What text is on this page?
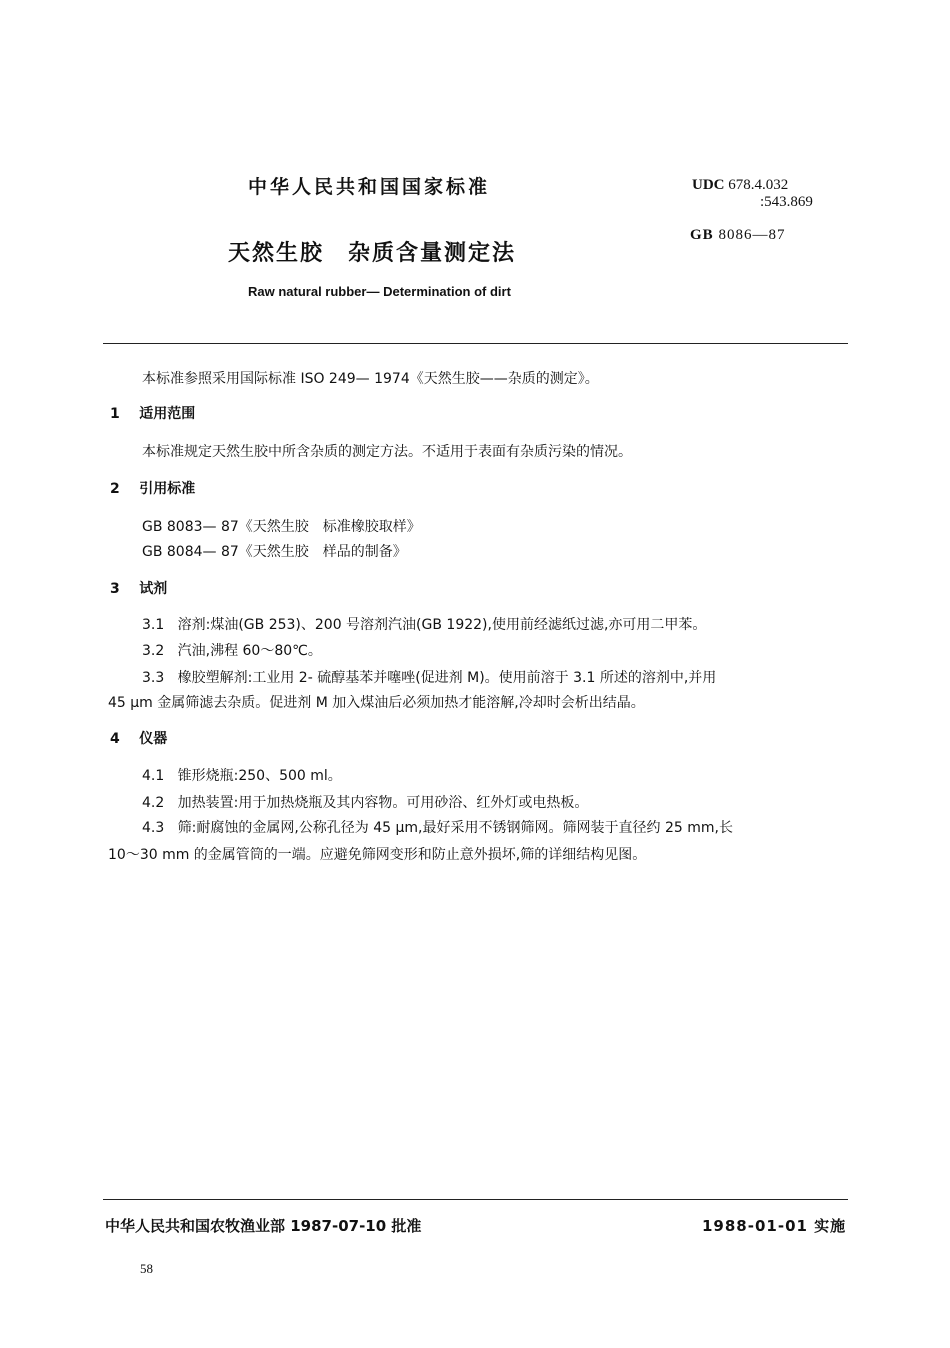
中华人民共和国国家标准	UDC 678.4.032
:543.869
GB 8086—87
天然生胶 杂质含量测定法
Raw natural rubber— Determination of dirt
本标准参照采用国际标准 ISO 249— 1974《天然生胶——杂质的测定》。
1 适用范围
本标准规定天然生胶中所含杂质的测定方法。不适用于表面有杂质污染的情况。
2 引用标准
GB 8083— 87《天然生胶　标准橡胶取样》
GB 8084— 87《天然生胶　样品的制备》
3 试剂
3.1 溶剂:煤油(GB 253)、200 号溶剂汽油(GB 1922),使用前经滤纸过滤,亦可用二甲苯。
3.2 汽油,沸程 60～80℃。
3.3 橡胶塑解剂:工业用 2- 硫醇基苯并噻唑(促进剂 M)。使用前溶于 3.1 所述的溶剂中,并用
45 μm 金属筛滤去杂质。促进剂 M 加入煤油后必须加热才能溶解,冷却时会析出结晶。
4 仪器
4.1 锥形烧瓶:250、500 ml。
4.2 加热装置:用于加热烧瓶及其内容物。可用砂浴、红外灯或电热板。
4.3 筛:耐腐蚀的金属网,公称孔径为 45 μm,最好采用不锈钢筛网。筛网装于直径约 25 mm,长
10～30 mm 的金属管筒的一端。应避免筛网变形和防止意外损坏,筛的详细结构见图。
中华人民共和国农牧渔业部 1987-07-10 批准	1988-01-01 实施
58
